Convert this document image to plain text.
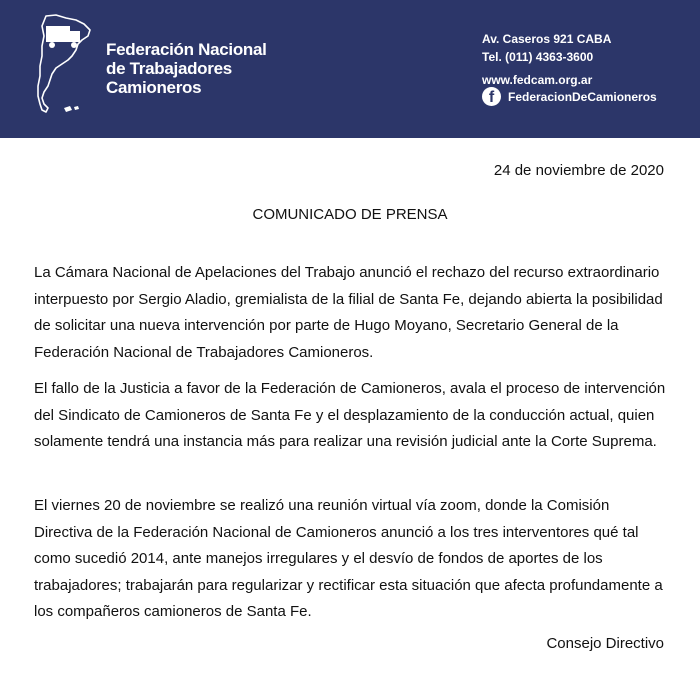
Federación Nacional
de Trabajadores
Camioneros
Av. Caseros 921 CABA
Tel. (011) 4363-3600
www.fedcam.org.ar
f	FederacionDeCamioneros
24 de noviembre de 2020
COMUNICADO DE PRENSA

La Cámara Nacional de Apelaciones del Trabajo anunció el rechazo del recurso extraordinario interpuesto por Sergio Aladio, gremialista de la filial de Santa Fe, dejando abierta la posibilidad de solicitar una nueva intervención por parte de Hugo Moyano, Secretario General de la Federación Nacional de Trabajadores Camioneros.

El fallo de la Justicia a favor de la Federación de Camioneros, avala el proceso de intervención del Sindicato de Camioneros de Santa Fe y el desplazamiento de la conducción actual, quien solamente tendrá una instancia más para realizar una revisión judicial ante la Corte Suprema.

El viernes 20 de noviembre se realizó una reunión virtual vía zoom, donde la Comisión Directiva de la Federación Nacional de Camioneros anunció a los tres interventores qué tal como sucedió 2014, ante manejos irregulares y el desvío de fondos de aportes de los trabajadores; trabajarán para regularizar y rectificar esta situación que afecta profundamente a los compañeros camioneros de Santa Fe.

Consejo Directivo
